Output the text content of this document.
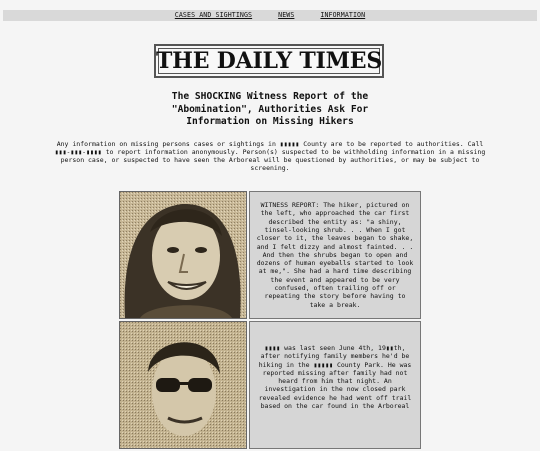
CASES AND SIGHTINGS	NEWS	INFORMATION
THE DAILY TIMES
The SHOCKING Witness Report of the "Abomination", Authorities Ask For Information on Missing Hikers
Any information on missing persons cases or sightings in ▮▮▮▮▮ County are to be reported to authorities. Call ▮▮▮-▮▮▮-▮▮▮▮ to report information anonymously. Person(s) suspected to be withholding information in a missing person case, or suspected to have seen the Arboreal will be questioned by authorities, or may be subject to screening.
WITNESS REPORT: The hiker, pictured on the left, who approached the car first described the entity as: "a shiny, tinsel-looking shrub. . . When I got closer to it, the leaves began to shake, and I felt dizzy and almost fainted. . . And then the shrubs began to open and dozens of human eyeballs started to look at me,". She had a hard time describing the event and appeared to be very confused, often trailing off or repeating the story before having to take a break.
▮▮▮▮ was last seen June 4th, 19▮▮th, after notifying family members he'd be hiking in the ▮▮▮▮▮ County Park. He was reported missing after family had not heard from him that night. An investigation in the now closed park revealed evidence he had went off trail based on the car found in the Arboreal
